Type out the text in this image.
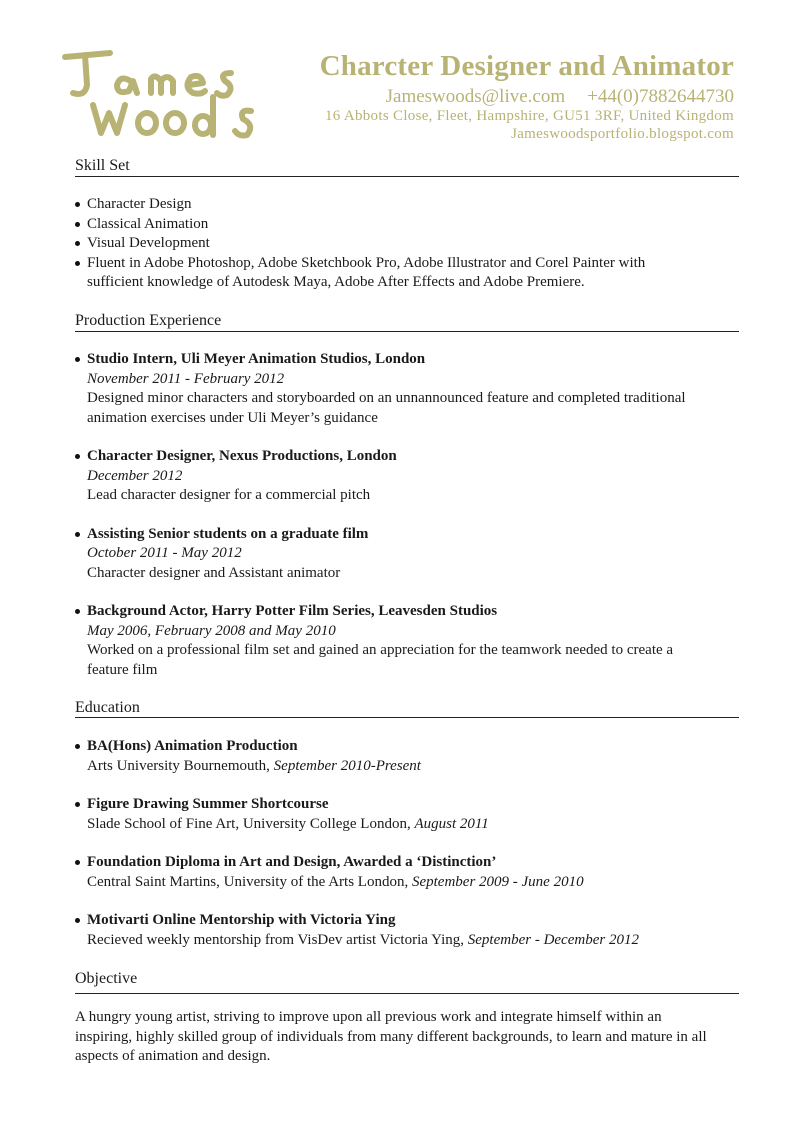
Charcter Designer and Animator
Jameswoods@live.com +44(0)7882644730
16 Abbots Close, Fleet, Hampshire, GU51 3RF, United Kingdom
Jameswoodsportfolio.blogspot.com
Skill Set
Character Design
Classical Animation
Visual Development
Fluent in Adobe Photoshop, Adobe Sketchbook Pro, Adobe Illustrator and Corel Painter with sufficient knowledge of Autodesk Maya, Adobe After Effects and Adobe Premiere.
Production Experience
Studio Intern, Uli Meyer Animation Studios, London
November 2011 - February 2012
Designed minor characters and storyboarded on an unnannounced feature and completed traditional animation exercises under Uli Meyer’s guidance
Character Designer, Nexus Productions, London
December 2012
Lead character designer for a commercial pitch
Assisting Senior students on a graduate film
October 2011 - May 2012
Character designer and Assistant animator
Background Actor, Harry Potter Film Series, Leavesden Studios
May 2006, February 2008 and May 2010
Worked on a professional film set and gained an appreciation for the teamwork needed to create a feature film
Education
BA(Hons) Animation Production
Arts University Bournemouth, September 2010-Present
Figure Drawing Summer Shortcourse
Slade School of Fine Art, University College London, August 2011
Foundation Diploma in Art and Design, Awarded a ‘Distinction’
Central Saint Martins, University of the Arts London, September 2009 - June 2010
Motivarti Online Mentorship with Victoria Ying
Recieved weekly mentorship from VisDev artist Victoria Ying, September - December 2012
Objective
A hungry young artist, striving to improve upon all previous work and integrate himself within an inspiring, highly skilled group of individuals from many different backgrounds, to learn and mature in all aspects of animation and design.
